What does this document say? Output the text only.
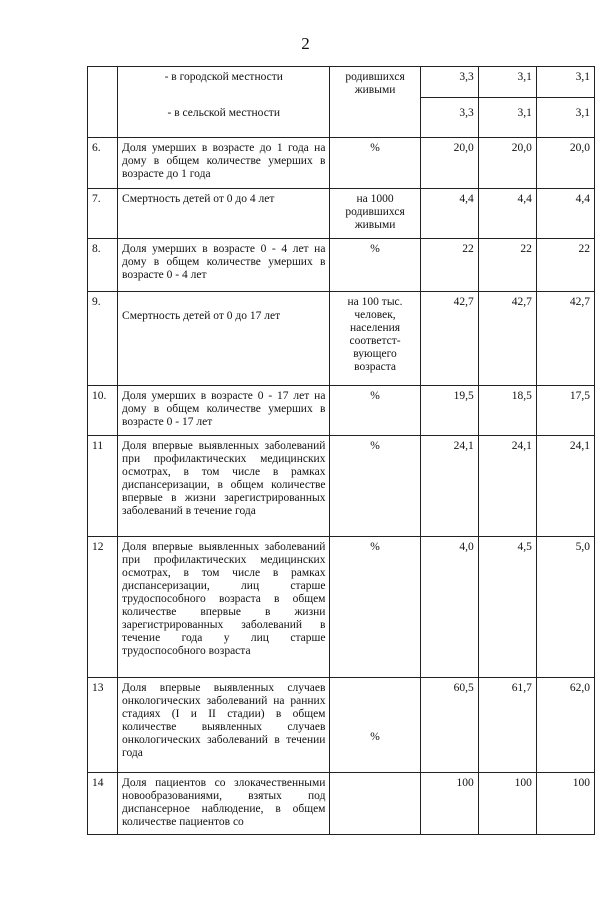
2
	- в городской местности	родившихся живыми	3,3	3,1	3,1
	- в сельской местности		3,3	3,1	3,1
6.	Доля умерших в возрасте до 1 года на дому в общем количестве умерших в возрасте до 1 года	%	20,0	20,0	20,0
7.	Смертность детей от 0 до 4 лет	на 1000 родившихся живыми	4,4	4,4	4,4
8.	Доля умерших в возрасте 0 - 4 лет на дому в общем количестве умерших в возрасте 0 - 4 лет	%	22	22	22
9.	Смертность детей от 0 до 17 лет	на 100 тыс. человек, населения соответст-вующего возраста	42,7	42,7	42,7
10.	Доля умерших в возрасте 0 - 17 лет на дому в общем количестве умерших в возрасте 0 - 17 лет	%	19,5	18,5	17,5
11	Доля впервые выявленных заболеваний при профилактических медицинских осмотрах, в том числе в рамках диспансеризации, в общем количестве впервые в жизни зарегистрированных заболеваний в течение года	%	24,1	24,1	24,1
12	Доля впервые выявленных заболеваний при профилактических медицинских осмотрах, в том числе в рамках диспансеризации, лиц старше трудоспособного возраста в общем количестве впервые в жизни зарегистрированных заболеваний в течение года у лиц старше трудоспособного возраста	%	4,0	4,5	5,0
13	Доля впервые выявленных случаев онкологических заболеваний на ранних стадиях (I и II стадии) в общем количестве выявленных случаев онкологических заболеваний в течении года	%	60,5	61,7	62,0
14	Доля пациентов со злокачественными новообразованиями, взятых под диспансерное наблюдение, в общем количестве пациентов со		100	100	100
